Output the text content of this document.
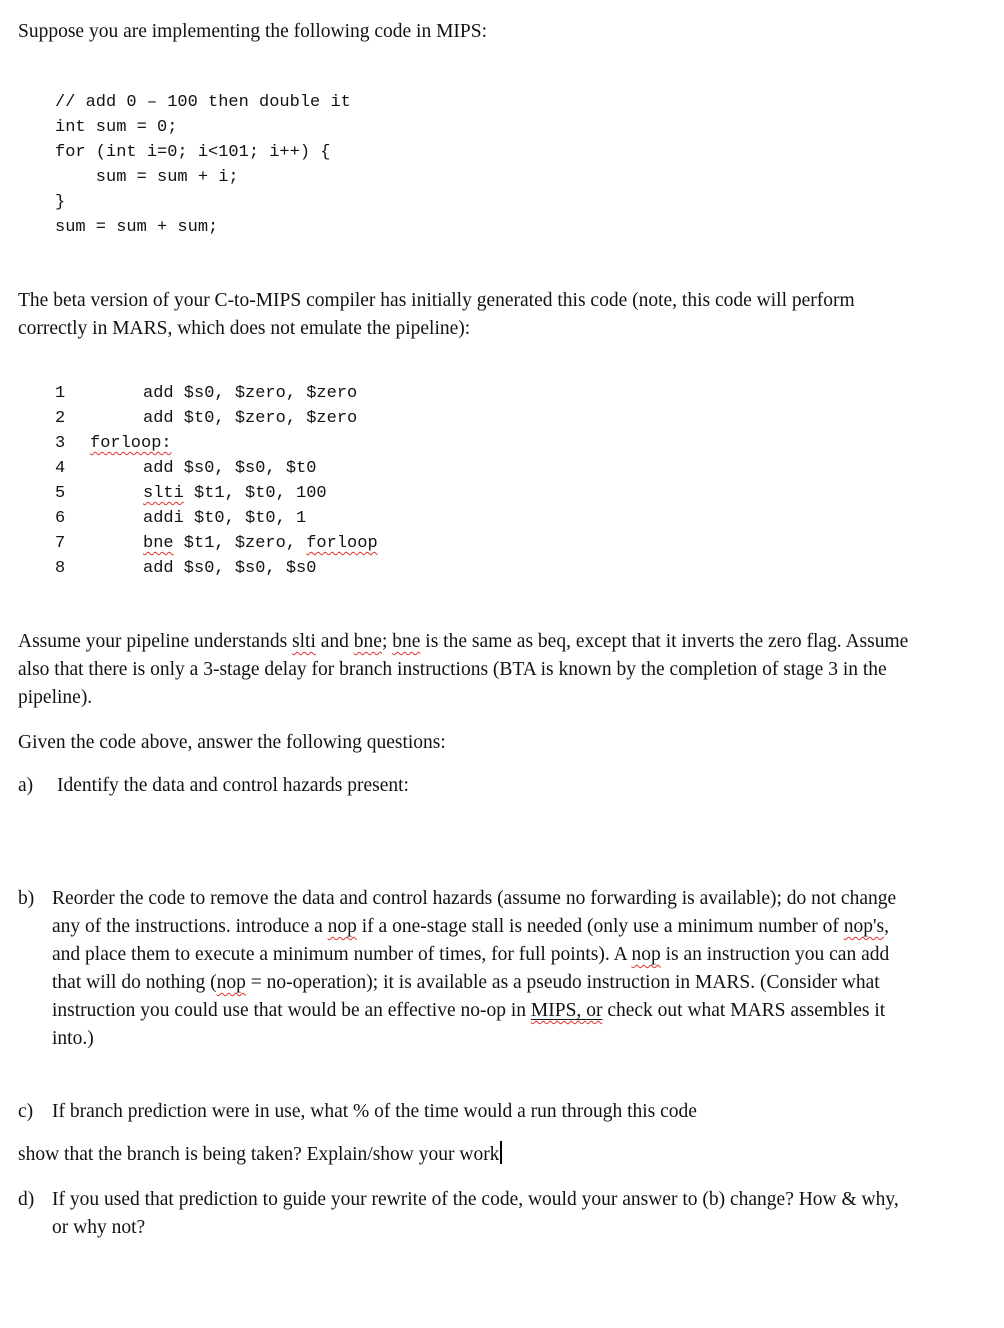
Suppose you are implementing the following code in MIPS:

// add 0 – 100 then double it
int sum = 0;
for (int i=0; i<101; i++) {
sum = sum + i;
}
sum = sum + sum;

The beta version of your C-to-MIPS compiler has initially generated this code (note, this code will perform correctly in MARS, which does not emulate the pipeline):

1	add $s0, $zero, $zero
2	add $t0, $zero, $zero
3 forloop:
4	add $s0, $s0, $t0
5	slti $t1, $t0, 100
6	addi $t0, $t0, 1
7	bne $t1, $zero, forloop
8	add $s0, $s0, $s0

Assume your pipeline understands slti and bne; bne is the same as beq, except that it inverts the zero flag. Assume also that there is only a 3-stage delay for branch instructions (BTA is known by the completion of stage 3 in the pipeline).

Given the code above, answer the following questions:

a)	Identify the data and control hazards present:

b) Reorder the code to remove the data and control hazards (assume no forwarding is available); do not change any of the instructions. introduce a nop if a one-stage stall is needed (only use a minimum number of nop's, and place them to execute a minimum number of times, for full points). A nop is an instruction you can add that will do nothing (nop = no-operation); it is available as a pseudo instruction in MARS. (Consider what instruction you could use that would be an effective no-op in MIPS, or check out what MARS assembles it into.)

c) If branch prediction were in use, what % of the time would a run through this code

show that the branch is being taken? Explain/show your work

d) If you used that prediction to guide your rewrite of the code, would your answer to (b) change? How & why, or why not?
